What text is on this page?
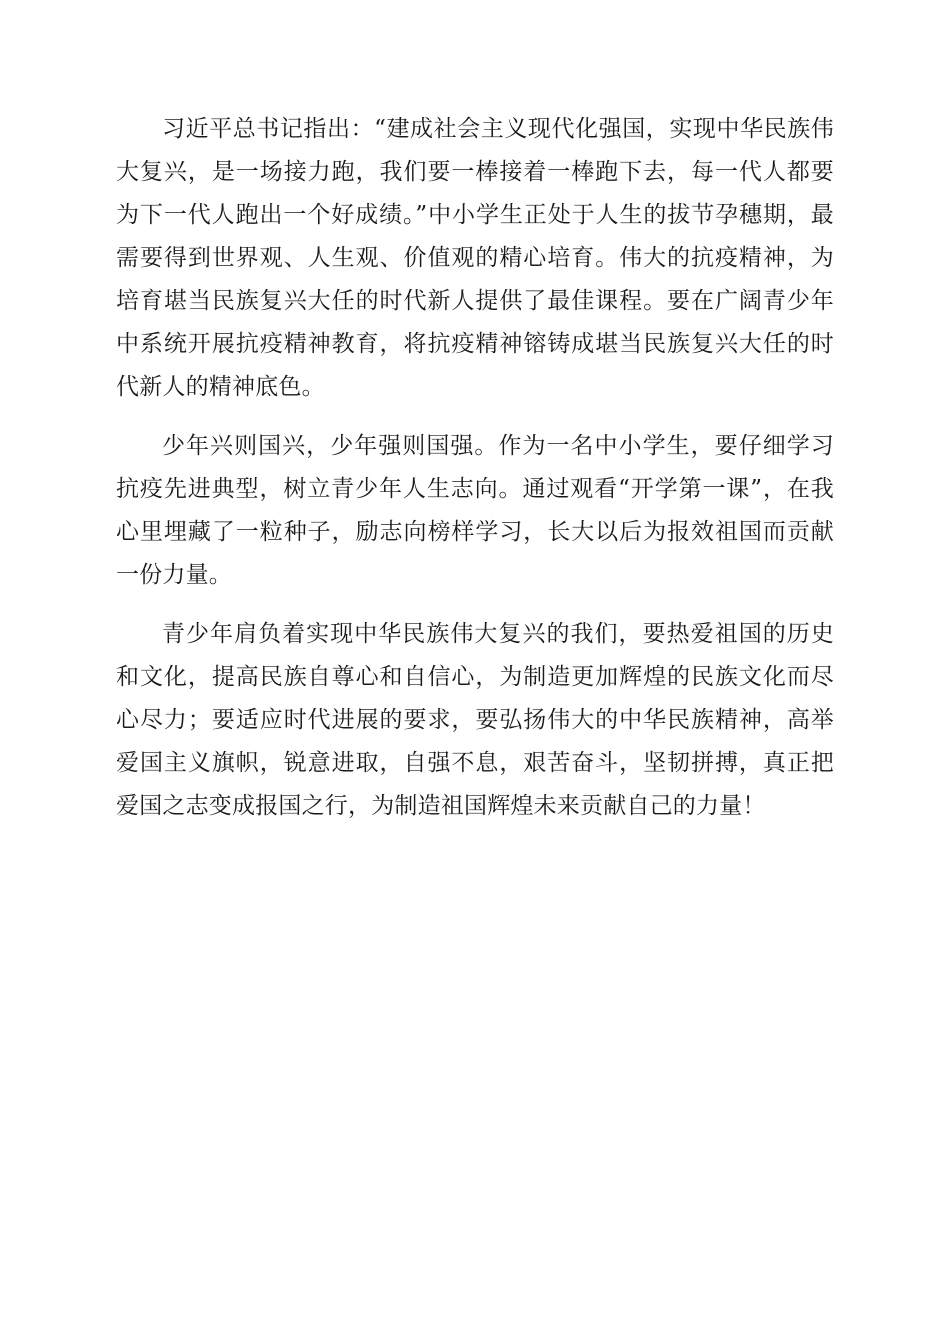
习近平总书记指出：“建成社会主义现代化强国，实现中华民族伟大复兴，是一场接力跑，我们要一棒接着一棒跑下去，每一代人都要为下一代人跑出一个好成绩。”中小学生正处于人生的拔节孕穗期，最需要得到世界观、人生观、价值观的精心培育。伟大的抗疫精神，为培育堪当民族复兴大任的时代新人提供了最佳课程。要在广阔青少年中系统开展抗疫精神教育，将抗疫精神镕铸成堪当民族复兴大任的时代新人的精神底色。

少年兴则国兴，少年强则国强。作为一名中小学生，要仔细学习抗疫先进典型，树立青少年人生志向。通过观看“开学第一课”，在我心里埋藏了一粒种子，励志向榜样学习，长大以后为报效祖国而贡献一份力量。

青少年肩负着实现中华民族伟大复兴的我们，要热爱祖国的历史和文化，提高民族自尊心和自信心，为制造更加辉煌的民族文化而尽心尽力；要适应时代进展的要求，要弘扬伟大的中华民族精神，高举爱国主义旗帜，锐意进取，自强不息，艰苦奋斗，坚韧拼搏，真正把爱国之志变成报国之行，为制造祖国辉煌未来贡献自己的力量！
